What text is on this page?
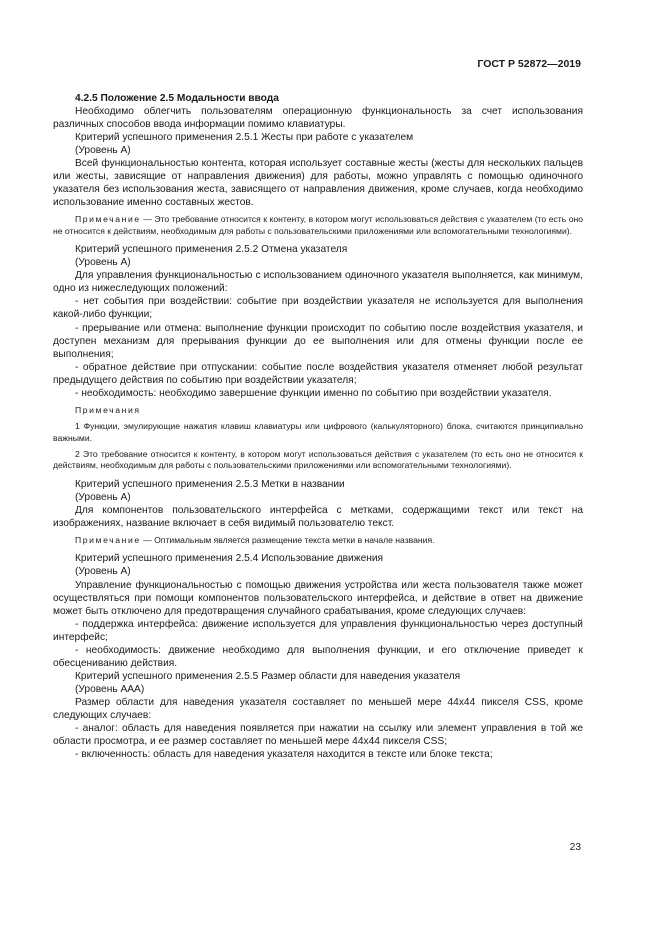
ГОСТ Р 52872—2019

4.2.5 Положение 2.5 Модальности ввода

Необходимо облегчить пользователям операционную функциональность за счет использования различных способов ввода информации помимо клавиатуры.

Критерий успешного применения 2.5.1 Жесты при работе с указателем

(Уровень А)

Всей функциональностью контента, которая использует составные жесты (жесты для нескольких пальцев или жесты, зависящие от направления движения) для работы, можно управлять с помощью одиночного указателя без использования жеста, зависящего от направления движения, кроме случаев, когда необходимо использование именно составных жестов.

Примечание — Это требование относится к контенту, в котором могут использоваться действия с указателем (то есть оно не относится к действиям, необходимым для работы с пользовательскими приложениями или вспомогательными технологиями).

Критерий успешного применения 2.5.2 Отмена указателя

(Уровень А)

Для управления функциональностью с использованием одиночного указателя выполняется, как минимум, одно из нижеследующих положений:

- нет события при воздействии: событие при воздействии указателя не используется для выполнения какой-либо функции;

- прерывание или отмена: выполнение функции происходит по событию после воздействия указателя, и доступен механизм для прерывания функции до ее выполнения или для отмены функции после ее выполнения;

- обратное действие при отпускании: событие после воздействия указателя отменяет любой результат предыдущего действия по событию при воздействии указателя;

- необходимость: необходимо завершение функции именно по событию при воздействии указателя.

Примечания

1 Функции, эмулирующие нажатия клавиш клавиатуры или цифрового (калькуляторного) блока, считаются принципиально важными.

2 Это требование относится к контенту, в котором могут использоваться действия с указателем (то есть оно не относится к действиям, необходимым для работы с пользовательскими приложениями или вспомогательными технологиями).

Критерий успешного применения 2.5.3 Метки в названии

(Уровень А)

Для компонентов пользовательского интерфейса с метками, содержащими текст или текст на изображениях, название включает в себя видимый пользователю текст.

Примечание — Оптимальным является размещение текста метки в начале названия.

Критерий успешного применения 2.5.4 Использование движения

(Уровень А)

Управление функциональностью с помощью движения устройства или жеста пользователя также может осуществляться при помощи компонентов пользовательского интерфейса, и действие в ответ на движение может быть отключено для предотвращения случайного срабатывания, кроме следующих случаев:

- поддержка интерфейса: движение используется для управления функциональностью через доступный интерфейс;

- необходимость: движение необходимо для выполнения функции, и его отключение приведет к обесцениванию действия.

Критерий успешного применения 2.5.5 Размер области для наведения указателя

(Уровень ААА)

Размер области для наведения указателя составляет по меньшей мере 44х44 пикселя CSS, кроме следующих случаев:

- аналог: область для наведения появляется при нажатии на ссылку или элемент управления в той же области просмотра, и ее размер составляет по меньшей мере 44х44 пикселя CSS;

- включенность: область для наведения указателя находится в тексте или блоке текста;

23
